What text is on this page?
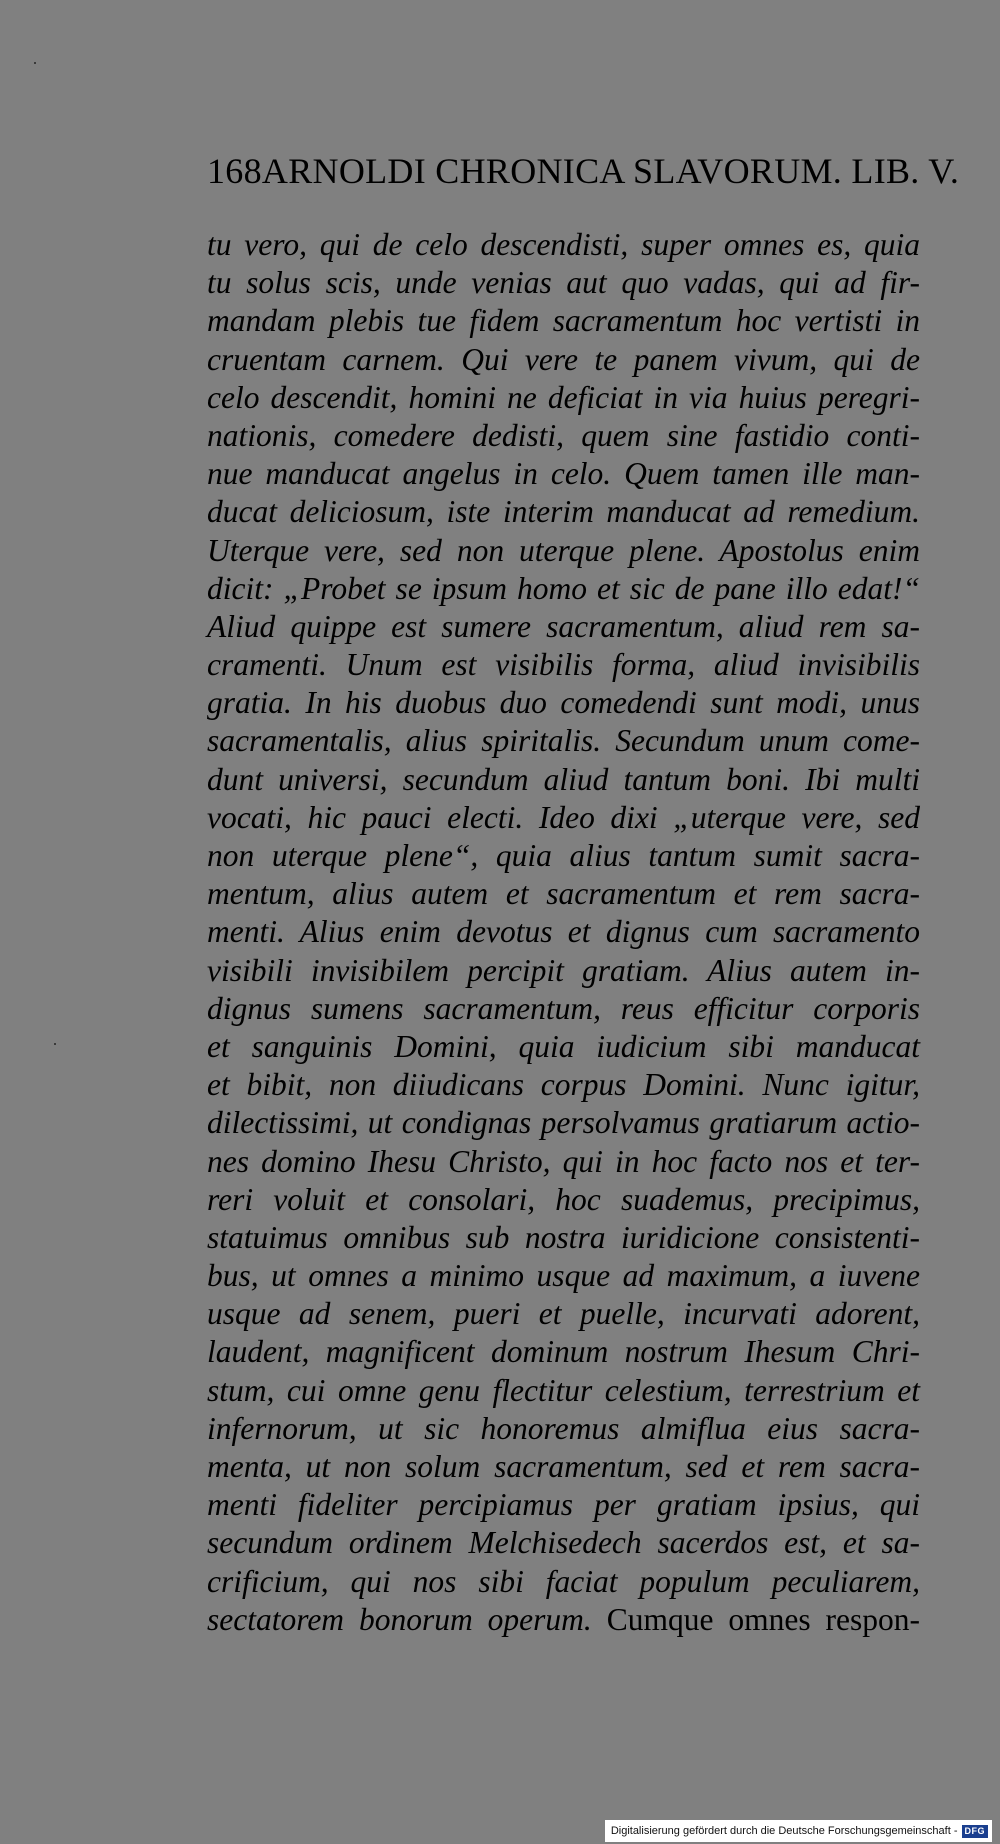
168 ARNOLDI CHRONICA SLAVORUM. LIB. V.
tu vero, qui de celo descendisti, super omnes es, quia
tu solus scis, unde venias aut quo vadas, qui ad fir-
mandam plebis tue fidem sacramentum hoc vertisti in
cruentam carnem. Qui vere te panem vivum, qui de
celo descendit, homini ne deficiat in via huius peregri-
nationis, comedere dedisti, quem sine fastidio conti-
nue manducat angelus in celo. Quem tamen ille man-
ducat deliciosum, iste interim manducat ad remedium.
Uterque vere, sed non uterque plene. Apostolus enim
dicit: „Probet se ipsum homo et sic de pane illo edat!“
Aliud quippe est sumere sacramentum, aliud rem sa-
cramenti. Unum est visibilis forma, aliud invisibilis
gratia. In his duobus duo comedendi sunt modi, unus
sacramentalis, alius spiritalis. Secundum unum come-
dunt universi, secundum aliud tantum boni. Ibi multi
vocati, hic pauci electi. Ideo dixi „uterque vere, sed
non uterque plene“, quia alius tantum sumit sacra-
mentum, alius autem et sacramentum et rem sacra-
menti. Alius enim devotus et dignus cum sacramento
visibili invisibilem percipit gratiam. Alius autem in-
dignus sumens sacramentum, reus efficitur corporis
et sanguinis Domini, quia iudicium sibi manducat
et bibit, non diiudicans corpus Domini. Nunc igitur,
dilectissimi, ut condignas persolvamus gratiarum actio-
nes domino Ihesu Christo, qui in hoc facto nos et ter-
reri voluit et consolari, hoc suademus, precipimus,
statuimus omnibus sub nostra iuridicione consistenti-
bus, ut omnes a minimo usque ad maximum, a iuvene
usque ad senem, pueri et puelle, incurvati adorent,
laudent, magnificent dominum nostrum Ihesum Chri-
stum, cui omne genu flectitur celestium, terrestrium et
infernorum, ut sic honoremus almiflua eius sacra-
menta, ut non solum sacramentum, sed et rem sacra-
menti fideliter percipiamus per gratiam ipsius, qui
secundum ordinem Melchisedech sacerdos est, et sa-
crificium, qui nos sibi faciat populum peculiarem,
sectatorem bonorum operum. Cumque omnes respon-
Digitalisierung gefördert durch die Deutsche Forschungsgemeinschaft - DFG
